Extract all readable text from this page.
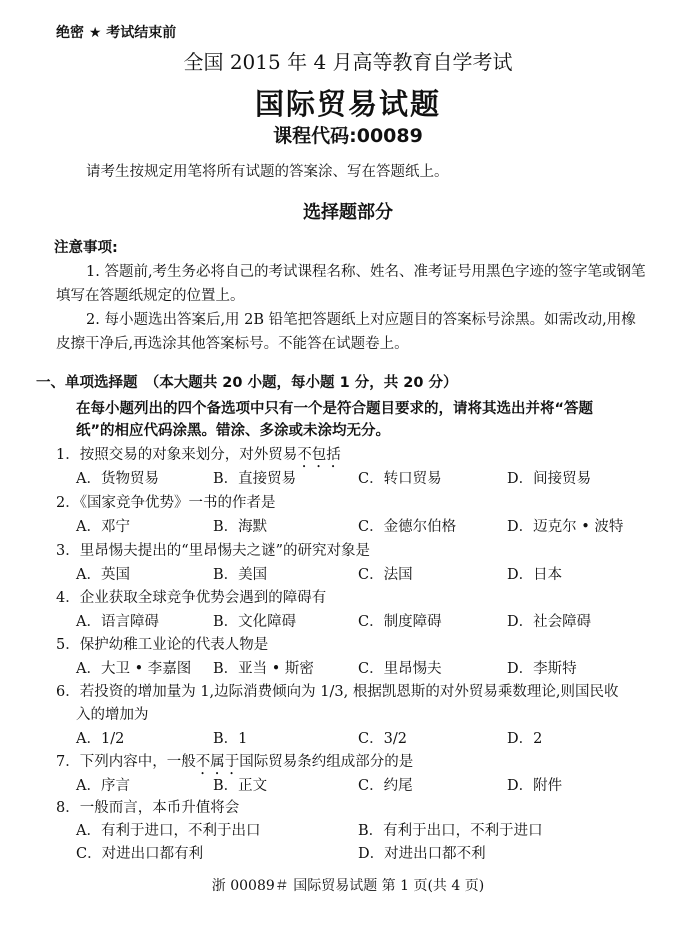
绝密 ★ 考试结束前
全国 2015 年 4 月高等教育自学考试
国际贸易试题
课程代码:00089
请考生按规定用笔将所有试题的答案涂、写在答题纸上。
选择题部分
注意事项:
1. 答题前,考生务必将自己的考试课程名称、姓名、准考证号用黑色字迹的签字笔或钢笔
填写在答题纸规定的位置上。
2. 每小题选出答案后,用 2B 铅笔把答题纸上对应题目的答案标号涂黑。如需改动,用橡
皮擦干净后,再选涂其他答案标号。不能答在试题卷上。
一、单项选择题　（本大题共 20 小题，每小题 1 分，共 20 分）
在每小题列出的四个备选项中只有一个是符合题目要求的，请将其选出并将“答题
纸”的相应代码涂黑。错涂、多涂或未涂均无分。
1．按照交易的对象来划分，对外贸易不包括
A．货物贸易	B．直接贸易	C．转口贸易	D．间接贸易
2．《国家竞争优势》一书的作者是
A．邓宁	B．海默	C．金德尔伯格	D．迈克尔 • 波特
3．里昂惕夫提出的“里昂惕夫之谜”的研究对象是
A．英国	B．美国	C．法国	D．日本
4．企业获取全球竞争优势会遇到的障碍有
A．语言障碍	B．文化障碍	C．制度障碍	D．社会障碍
5．保护幼稚工业论的代表人物是
A．大卫 • 李嘉图 B．亚当 • 斯密	C．里昂惕夫	D．李斯特
6．若投资的增加量为 1,边际消费倾向为 1/3, 根据凯恩斯的对外贸易乘数理论,则国民收
入的增加为
A．1/2	B．1	C．3/2	D．2
7．下列内容中，一般不属于国际贸易条约组成部分的是
A．序言	B．正文	C．约尾	D．附件
8．一般而言，本币升值将会
A．有利于进口，不利于出口	B．有利于出口，不利于进口
C．对进出口都有利	D．对进出口都不利
浙 00089＃ 国际贸易试题 第 1 页(共 4 页)
